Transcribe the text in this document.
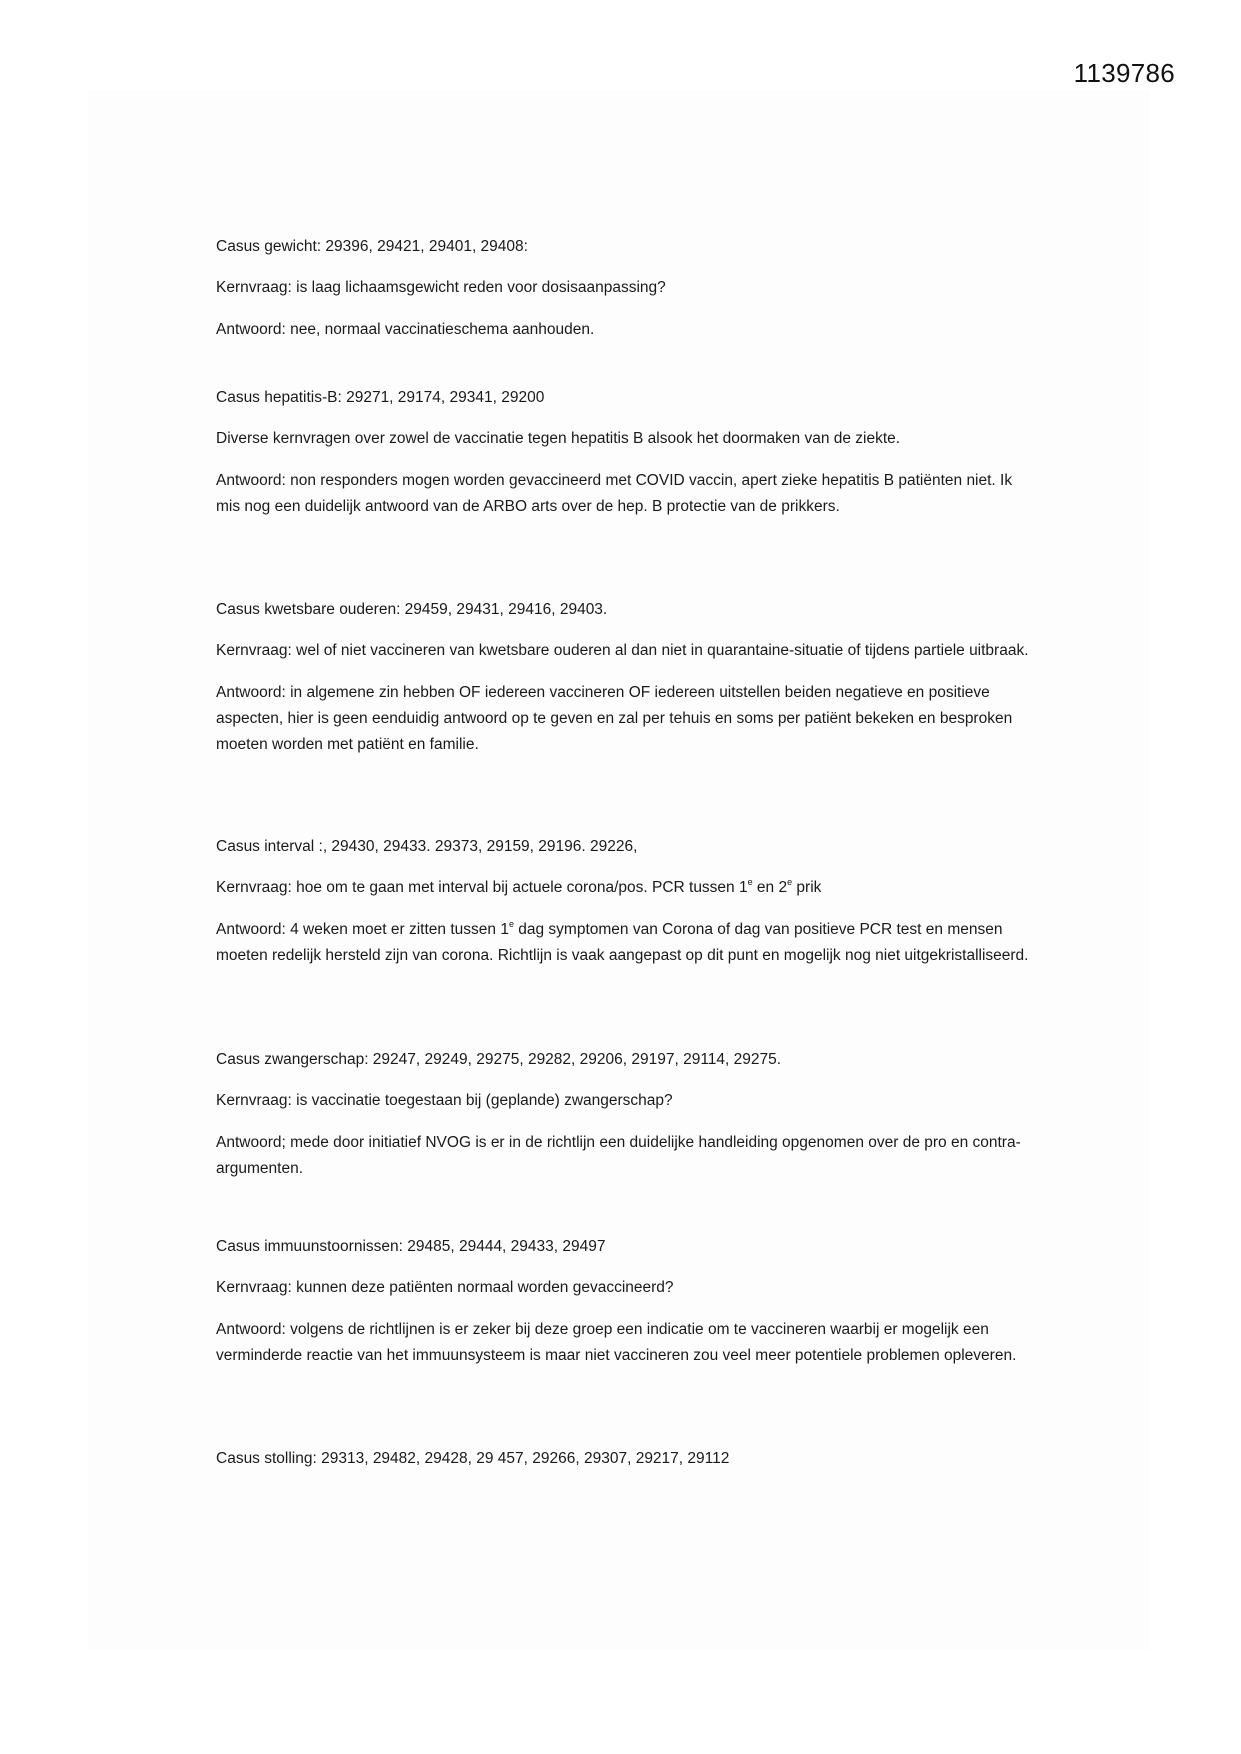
1139786

Casus gewicht: 29396, 29421, 29401, 29408:

Kernvraag: is laag lichaamsgewicht reden voor dosisaanpassing?

Antwoord: nee, normaal vaccinatieschema aanhouden.

Casus hepatitis-B: 29271, 29174, 29341, 29200

Diverse kernvragen over zowel de vaccinatie tegen hepatitis B alsook het doormaken van de ziekte.

Antwoord: non responders mogen worden gevaccineerd met COVID vaccin, apert zieke hepatitis B patiënten niet. Ik mis nog een duidelijk antwoord van de ARBO arts over de hep. B protectie van de prikkers.

Casus kwetsbare ouderen: 29459, 29431, 29416, 29403.

Kernvraag: wel of niet vaccineren van kwetsbare ouderen al dan niet in quarantaine-situatie of tijdens partiele uitbraak.

Antwoord: in algemene zin hebben OF iedereen vaccineren OF iedereen uitstellen beiden negatieve en positieve aspecten, hier is geen eenduidig antwoord op te geven en zal per tehuis en soms per patiënt bekeken en besproken moeten worden met patiënt en familie.

Casus interval :, 29430, 29433. 29373, 29159, 29196. 29226,

Kernvraag: hoe om te gaan met interval bij actuele corona/pos. PCR tussen 1e en 2e prik

Antwoord: 4 weken moet er zitten tussen 1e dag symptomen van Corona of dag van positieve PCR test en mensen moeten redelijk hersteld zijn van corona. Richtlijn is vaak aangepast op dit punt en mogelijk nog niet uitgekristalliseerd.

Casus zwangerschap: 29247, 29249, 29275, 29282, 29206, 29197, 29114, 29275.

Kernvraag: is vaccinatie toegestaan bij (geplande) zwangerschap?

Antwoord; mede door initiatief NVOG is er in de richtlijn een duidelijke handleiding opgenomen over de pro en contra-argumenten.

Casus immuunstoornissen: 29485, 29444, 29433, 29497

Kernvraag: kunnen deze patiënten normaal worden gevaccineerd?

Antwoord: volgens de richtlijnen is er zeker bij deze groep een indicatie om te vaccineren waarbij er mogelijk een verminderde reactie van het immuunsysteem is maar niet vaccineren zou veel meer potentiele problemen opleveren.

Casus stolling: 29313, 29482, 29428, 29 457, 29266, 29307, 29217, 29112
